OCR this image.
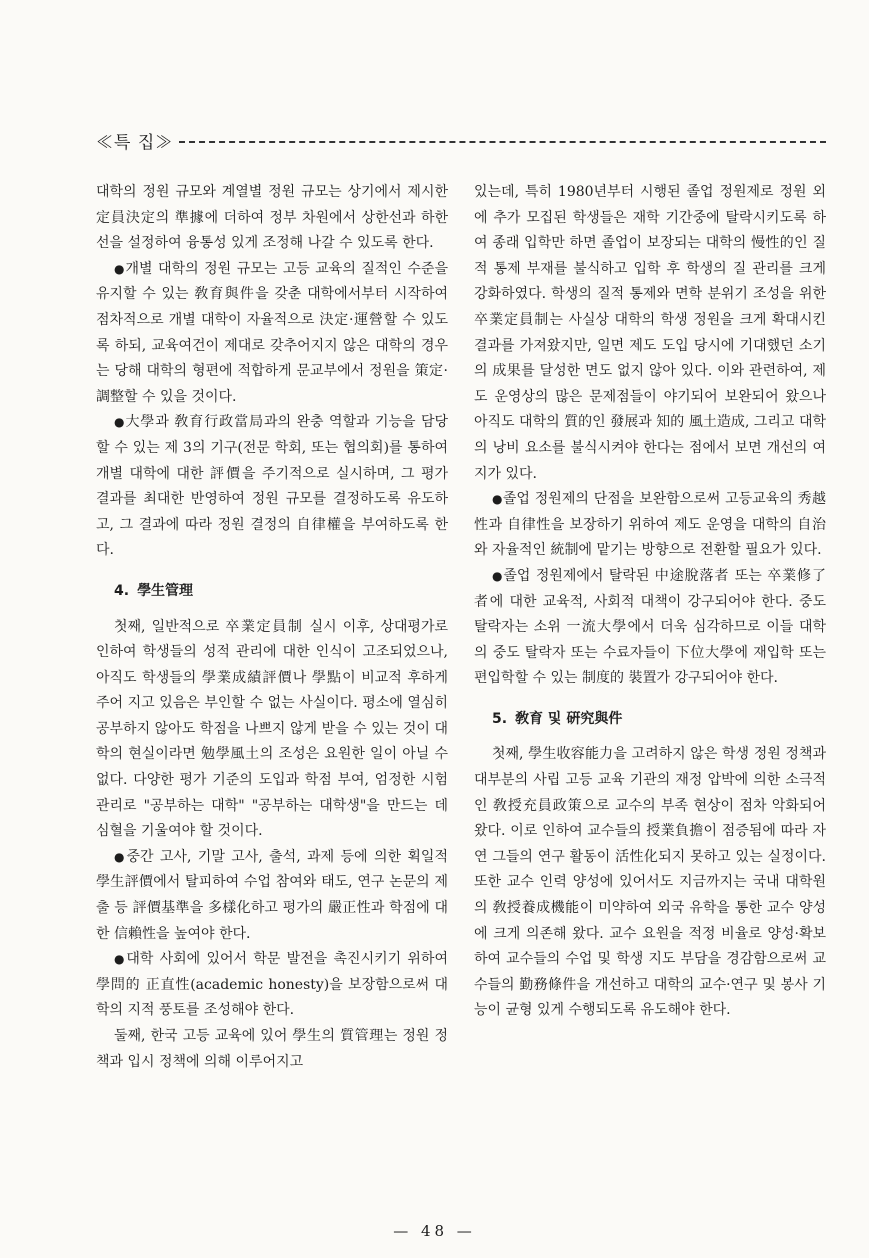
≪특 집≫

대학의 정원 규모와 계열별 정원 규모는 상기에서 제시한 定員決定의 準據에 더하여 정부 차원에서 상한선과 하한선을 설정하여 융통성 있게 조정해 나갈 수 있도록 한다.

●개별 대학의 정원 규모는 고등 교육의 질적인 수준을 유지할 수 있는 敎育與件을 갖춘 대학에서부터 시작하여 점차적으로 개별 대학이 자율적으로 決定·運營할 수 있도록 하되, 교육여건이 제대로 갖추어지지 않은 대학의 경우는 당해 대학의 형편에 적합하게 문교부에서 정원을 策定·調整할 수 있을 것이다.

●大學과 敎育行政當局과의 완충 역할과 기능을 담당할 수 있는 제 3의 기구(전문 학회, 또는 협의회)를 통하여 개별 대학에 대한 評價을 주기적으로 실시하며, 그 평가 결과를 최대한 반영하여 정원 규모를 결정하도록 유도하고, 그 결과에 따라 정원 결정의 自律權을 부여하도록 한다.

4. 學生管理

첫째, 일반적으로 卒業定員制 실시 이후, 상대평가로 인하여 학생들의 성적 관리에 대한 인식이 고조되었으나, 아직도 학생들의 學業成績評價나 學點이 비교적 후하게 주어 지고 있음은 부인할 수 없는 사실이다. 평소에 열심히 공부하지 않아도 학점을 나쁘지 않게 받을 수 있는 것이 대학의 현실이라면 勉學風土의 조성은 요원한 일이 아닐 수 없다. 다양한 평가 기준의 도입과 학점 부여, 엄정한 시험 관리로 "공부하는 대학" "공부하는 대학생"을 만드는 데 심혈을 기울여야 할 것이다.

●중간 고사, 기말 고사, 출석, 과제 등에 의한 획일적 學生評價에서 탈피하여 수업 참여와 태도, 연구 논문의 제출 등 評價基準을 多樣化하고 평가의 嚴正性과 학점에 대한 信賴性을 높여야 한다.

●대학 사회에 있어서 학문 발전을 촉진시키기 위하여 學問的 正直性(academic honesty)을 보장함으로써 대학의 지적 풍토를 조성해야 한다.

둘째, 한국 고등 교육에 있어 學生의 質管理는 정원 정책과 입시 정책에 의해 이루어지고

있는데, 특히 1980년부터 시행된 졸업 정원제로 정원 외에 추가 모집된 학생들은 재학 기간중에 탈락시키도록 하여 종래 입학만 하면 졸업이 보장되는 대학의 慢性的인 질적 통제 부재를 불식하고 입학 후 학생의 질 관리를 크게 강화하였다. 학생의 질적 통제와 면학 분위기 조성을 위한 卒業定員制는 사실상 대학의 학생 정원을 크게 확대시킨 결과를 가져왔지만, 일면 제도 도입 당시에 기대했던 소기의 成果를 달성한 면도 없지 않아 있다. 이와 관련하여, 제도 운영상의 많은 문제점들이 야기되어 보완되어 왔으나 아직도 대학의 質的인 發展과 知的 風土造成, 그리고 대학의 낭비 요소를 불식시켜야 한다는 점에서 보면 개선의 여지가 있다.

●졸업 정원제의 단점을 보완함으로써 고등교육의 秀越性과 自律性을 보장하기 위하여 제도 운영을 대학의 自治와 자율적인 統制에 맡기는 방향으로 전환할 필요가 있다.

●졸업 정원제에서 탈락된 中途脫落者 또는 卒業修了者에 대한 교육적, 사회적 대책이 강구되어야 한다. 중도 탈락자는 소위 一流大學에서 더욱 심각하므로 이들 대학의 중도 탈락자 또는 수료자들이 下位大學에 재입학 또는 편입학할 수 있는 制度的 裝置가 강구되어야 한다.

5. 敎育 및 硏究與件

첫째, 學生收容能力을 고려하지 않은 학생 정원 정책과 대부분의 사립 고등 교육 기관의 재정 압박에 의한 소극적인 敎授充員政策으로 교수의 부족 현상이 점차 악화되어 왔다. 이로 인하여 교수들의 授業負擔이 점증됨에 따라 자연 그들의 연구 활동이 活性化되지 못하고 있는 실정이다. 또한 교수 인력 양성에 있어서도 지금까지는 국내 대학원의 敎授養成機能이 미약하여 외국 유학을 통한 교수 양성에 크게 의존해 왔다. 교수 요원을 적정 비율로 양성·확보하여 교수들의 수업 및 학생 지도 부담을 경감함으로써 교수들의 勤務條件을 개선하고 대학의 교수·연구 및 봉사 기능이 균형 있게 수행되도록 유도해야 한다.

— 48 —
